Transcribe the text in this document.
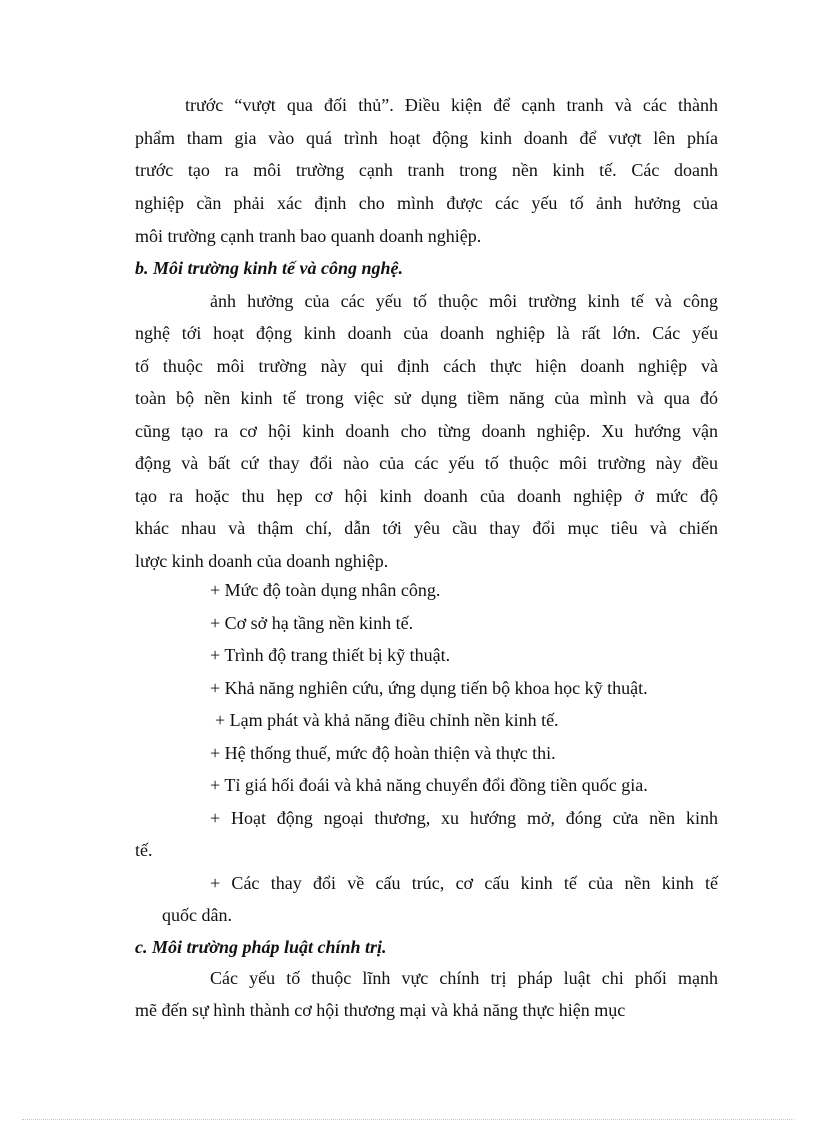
trước “vượt qua đối thủ”. Điều kiện để cạnh tranh và các thành
phẩm tham gia vào quá trình hoạt động kinh doanh để vượt lên phía
trước tạo ra môi trường cạnh tranh trong nền kinh tế. Các doanh
nghiệp cần phải xác định cho mình được các yếu tố ảnh hưởng của
môi trường cạnh tranh bao quanh doanh nghiệp.
b. Môi trường kinh tế và công nghệ.
ảnh hưởng của các yếu tố thuộc môi trường kinh tế và công
nghệ tới hoạt động kinh doanh của doanh nghiệp là rất lớn. Các yếu
tố thuộc môi trường này qui định cách thực hiện doanh nghiệp và
toàn bộ nền kinh tế trong việc sử dụng tiềm năng của mình và qua đó
cũng tạo ra cơ hội kinh doanh cho từng doanh nghiệp. Xu hướng vận
động và bất cứ thay đổi nào của các yếu tố thuộc môi trường này đều
tạo ra hoặc thu hẹp cơ hội kinh doanh của doanh nghiệp ở mức độ
khác nhau và thậm chí, dẫn tới yêu cầu thay đổi mục tiêu và chiến
lược kinh doanh của doanh nghiệp.
+ Mức độ toàn dụng nhân công.
+ Cơ sở hạ tầng nền kinh tế.
+ Trình độ trang thiết bị kỹ thuật.
+ Khả năng nghiên cứu, ứng dụng tiến bộ khoa học kỹ thuật.
+ Lạm phát và khả năng điều chỉnh nền kinh tế.
+ Hệ thống thuế, mức độ hoàn thiện và thực thi.
+ Tỉ giá hối đoái và khả năng chuyển đổi đồng tiền quốc gia.
+ Hoạt động ngoại thương, xu hướng mở, đóng cửa nền kinh
tế.
+ Các thay đổi về cấu trúc, cơ cấu kinh tế của nền kinh tế
quốc dân.
c. Môi trường pháp luật chính trị.
Các yếu tố thuộc lĩnh vực chính trị pháp luật chi phối mạnh
mẽ đến sự hình thành cơ hội thương mại và khả năng thực hiện mục
